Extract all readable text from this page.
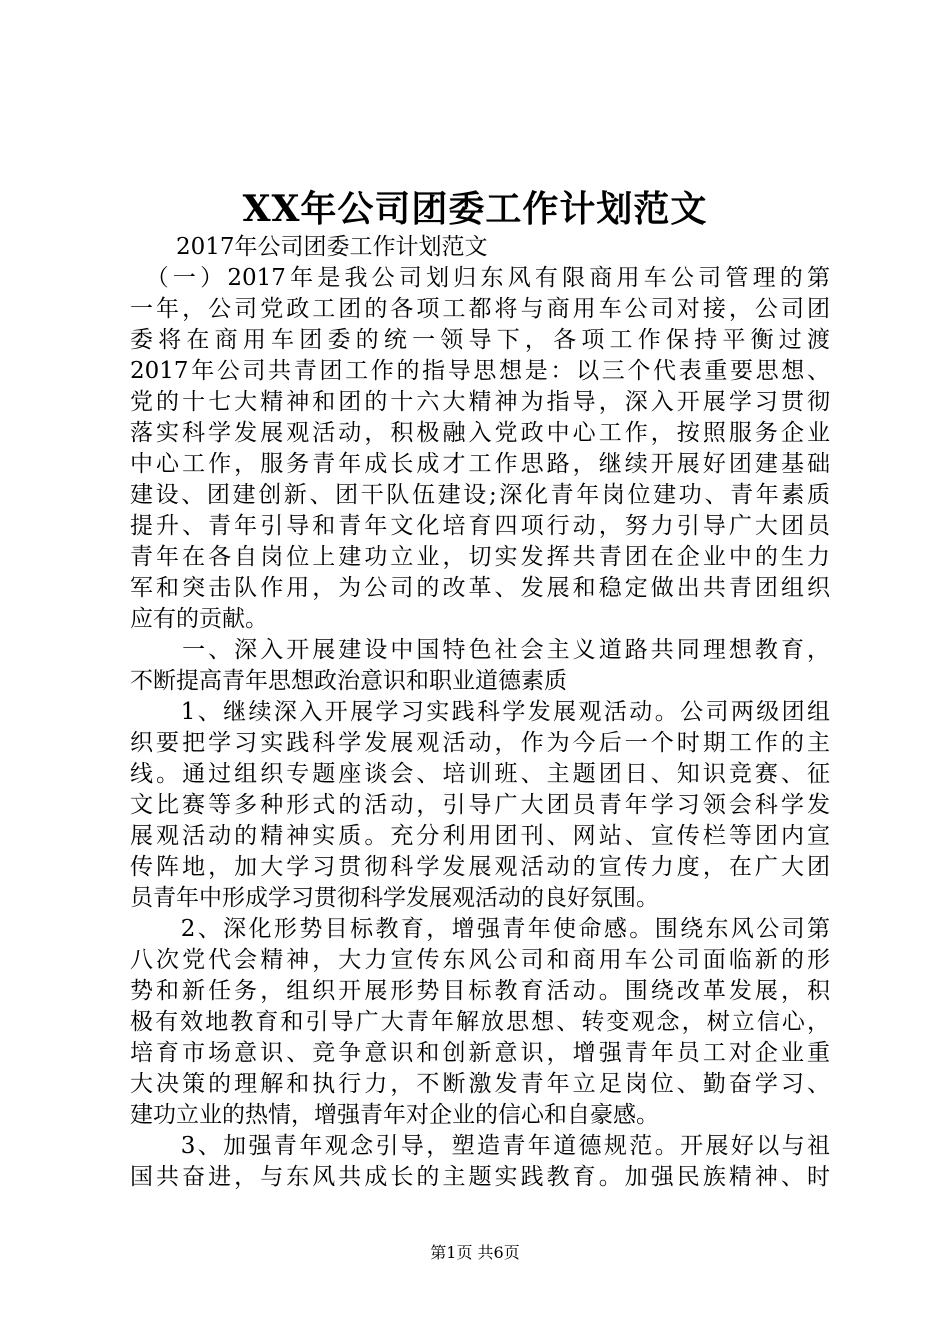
XX年公司团委工作计划范文
　　2017年公司团委工作计划范文
　（一）2017年是我公司划归东风有限商用车公司管理的第
一年，公司党政工团的各项工都将与商用车公司对接，公司团
委将在商用车团委的统一领导下，各项工作保持平衡过渡
2017年公司共青团工作的指导思想是：以三个代表重要思想、
党的十七大精神和团的十六大精神为指导，深入开展学习贯彻
落实科学发展观活动，积极融入党政中心工作，按照服务企业
中心工作，服务青年成长成才工作思路，继续开展好团建基础
建设、团建创新、团干队伍建设;深化青年岗位建功、青年素质
提升、青年引导和青年文化培育四项行动，努力引导广大团员
青年在各自岗位上建功立业，切实发挥共青团在企业中的生力
军和突击队作用，为公司的改革、发展和稳定做出共青团组织
应有的贡献。
　　一、深入开展建设中国特色社会主义道路共同理想教育，
不断提高青年思想政治意识和职业道德素质
　　1、继续深入开展学习实践科学发展观活动。公司两级团组
织要把学习实践科学发展观活动，作为今后一个时期工作的主
线。通过组织专题座谈会、培训班、主题团日、知识竞赛、征
文比赛等多种形式的活动，引导广大团员青年学习领会科学发
展观活动的精神实质。充分利用团刊、网站、宣传栏等团内宣
传阵地，加大学习贯彻科学发展观活动的宣传力度，在广大团
员青年中形成学习贯彻科学发展观活动的良好氛围。
　　2、深化形势目标教育，增强青年使命感。围绕东风公司第
八次党代会精神，大力宣传东风公司和商用车公司面临新的形
势和新任务，组织开展形势目标教育活动。围绕改革发展，积
极有效地教育和引导广大青年解放思想、转变观念，树立信心，
培育市场意识、竞争意识和创新意识，增强青年员工对企业重
大决策的理解和执行力，不断激发青年立足岗位、勤奋学习、
建功立业的热情，增强青年对企业的信心和自豪感。
　　3、加强青年观念引导，塑造青年道德规范。开展好以与祖
国共奋进，与东风共成长的主题实践教育。加强民族精神、时
第1页 共6页
